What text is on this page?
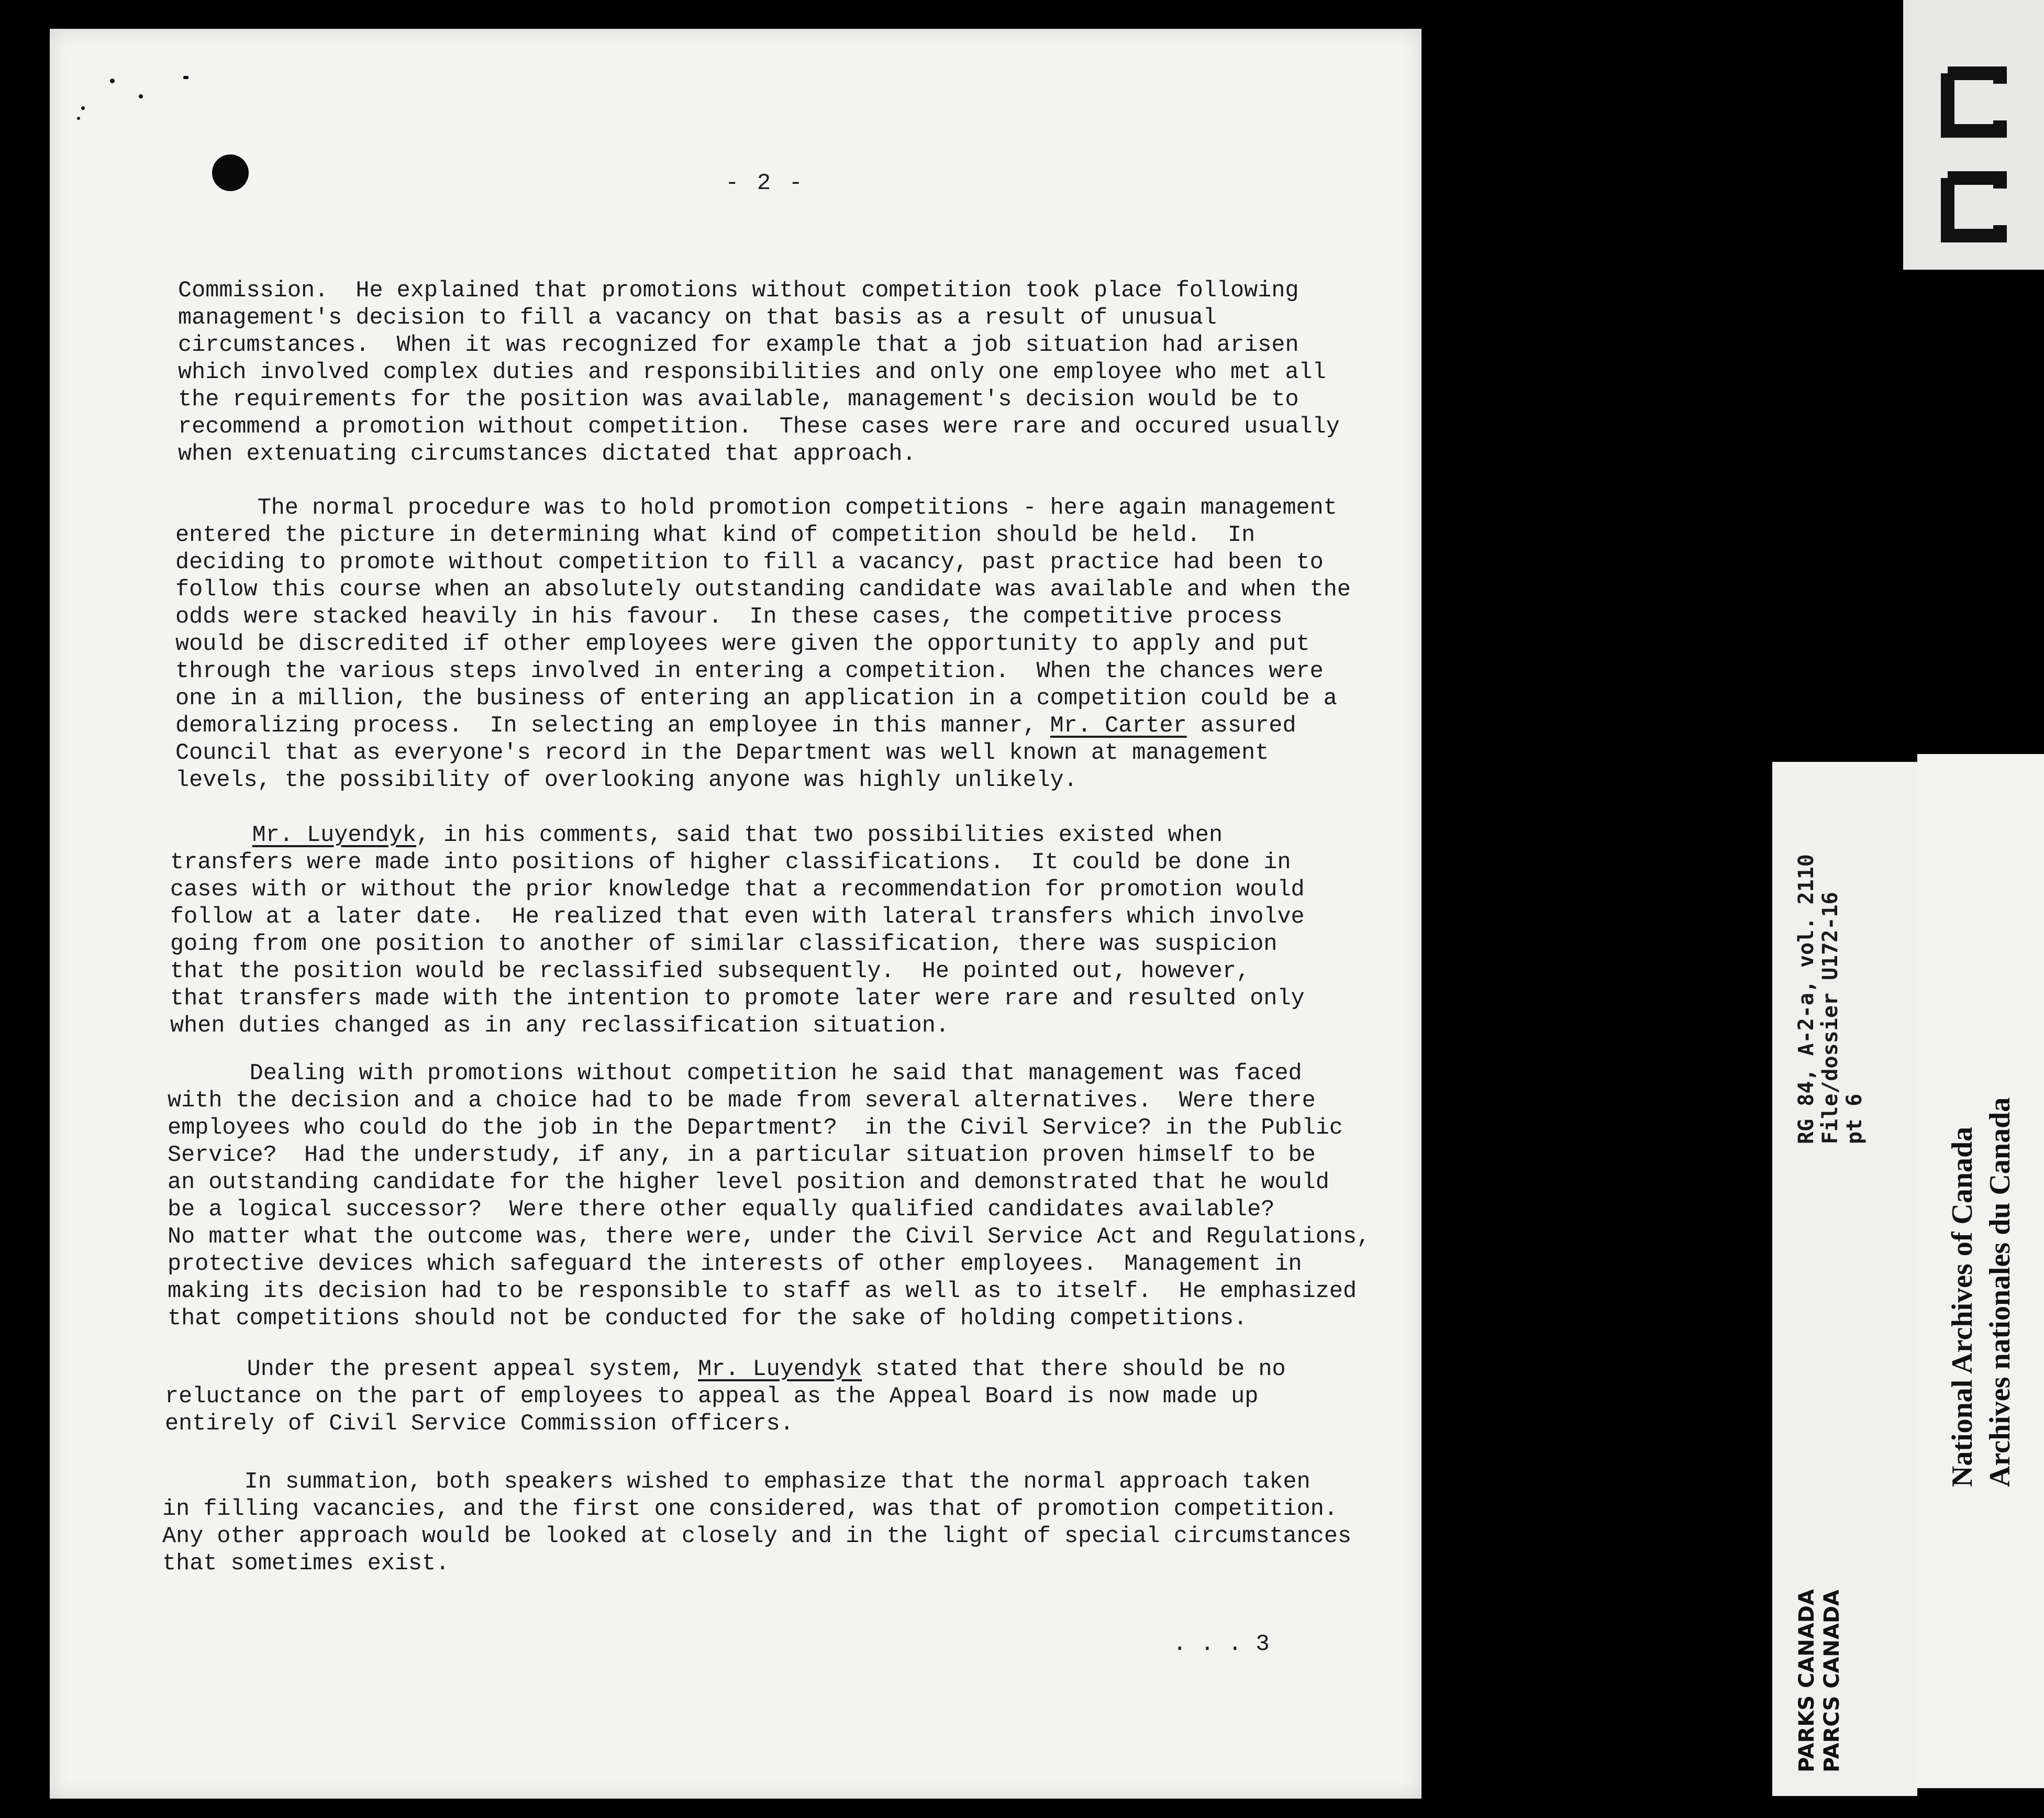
- 2 -

Commission.  He explained that promotions without competition took place following

management's decision to fill a vacancy on that basis as a result of unusual

circumstances.  When it was recognized for example that a job situation had arisen

which involved complex duties and responsibilities and only one employee who met all

the requirements for the position was available, management's decision would be to

recommend a promotion without competition.  These cases were rare and occured usually

when extenuating circumstances dictated that approach.

The normal procedure was to hold promotion competitions - here again management

entered the picture in determining what kind of competition should be held.  In

deciding to promote without competition to fill a vacancy, past practice had been to

follow this course when an absolutely outstanding candidate was available and when the

odds were stacked heavily in his favour.  In these cases, the competitive process

would be discredited if other employees were given the opportunity to apply and put

through the various steps involved in entering a competition.  When the chances were

one in a million, the business of entering an application in a competition could be a

demoralizing process.  In selecting an employee in this manner, Mr. Carter assured

Council that as everyone's record in the Department was well known at management

levels, the possibility of overlooking anyone was highly unlikely.

Mr. Luyendyk, in his comments, said that two possibilities existed when

transfers were made into positions of higher classifications.  It could be done in

cases with or without the prior knowledge that a recommendation for promotion would

follow at a later date.  He realized that even with lateral transfers which involve

going from one position to another of similar classification, there was suspicion

that the position would be reclassified subsequently.  He pointed out, however,

that transfers made with the intention to promote later were rare and resulted only

when duties changed as in any reclassification situation.

Dealing with promotions without competition he said that management was faced

with the decision and a choice had to be made from several alternatives.  Were there

employees who could do the job in the Department?  in the Civil Service? in the Public

Service?  Had the understudy, if any, in a particular situation proven himself to be

an outstanding candidate for the higher level position and demonstrated that he would

be a logical successor?  Were there other equally qualified candidates available?

No matter what the outcome was, there were, under the Civil Service Act and Regulations,

protective devices which safeguard the interests of other employees.  Management in

making its decision had to be responsible to staff as well as to itself.  He emphasized

that competitions should not be conducted for the sake of holding competitions.

Under the present appeal system, Mr. Luyendyk stated that there should be no

reluctance on the part of employees to appeal as the Appeal Board is now made up

entirely of Civil Service Commission officers.

In summation, both speakers wished to emphasize that the normal approach taken

in filling vacancies, and the first one considered, was that of promotion competition.

Any other approach would be looked at closely and in the light of special circumstances

that sometimes exist.

. . . 3
RG 84, A-2-a, vol. 2110 File/dossier U172-16 pt 6
PARKS CANADA PARCS CANADA
National Archives of Canada Archives nationales du Canada
